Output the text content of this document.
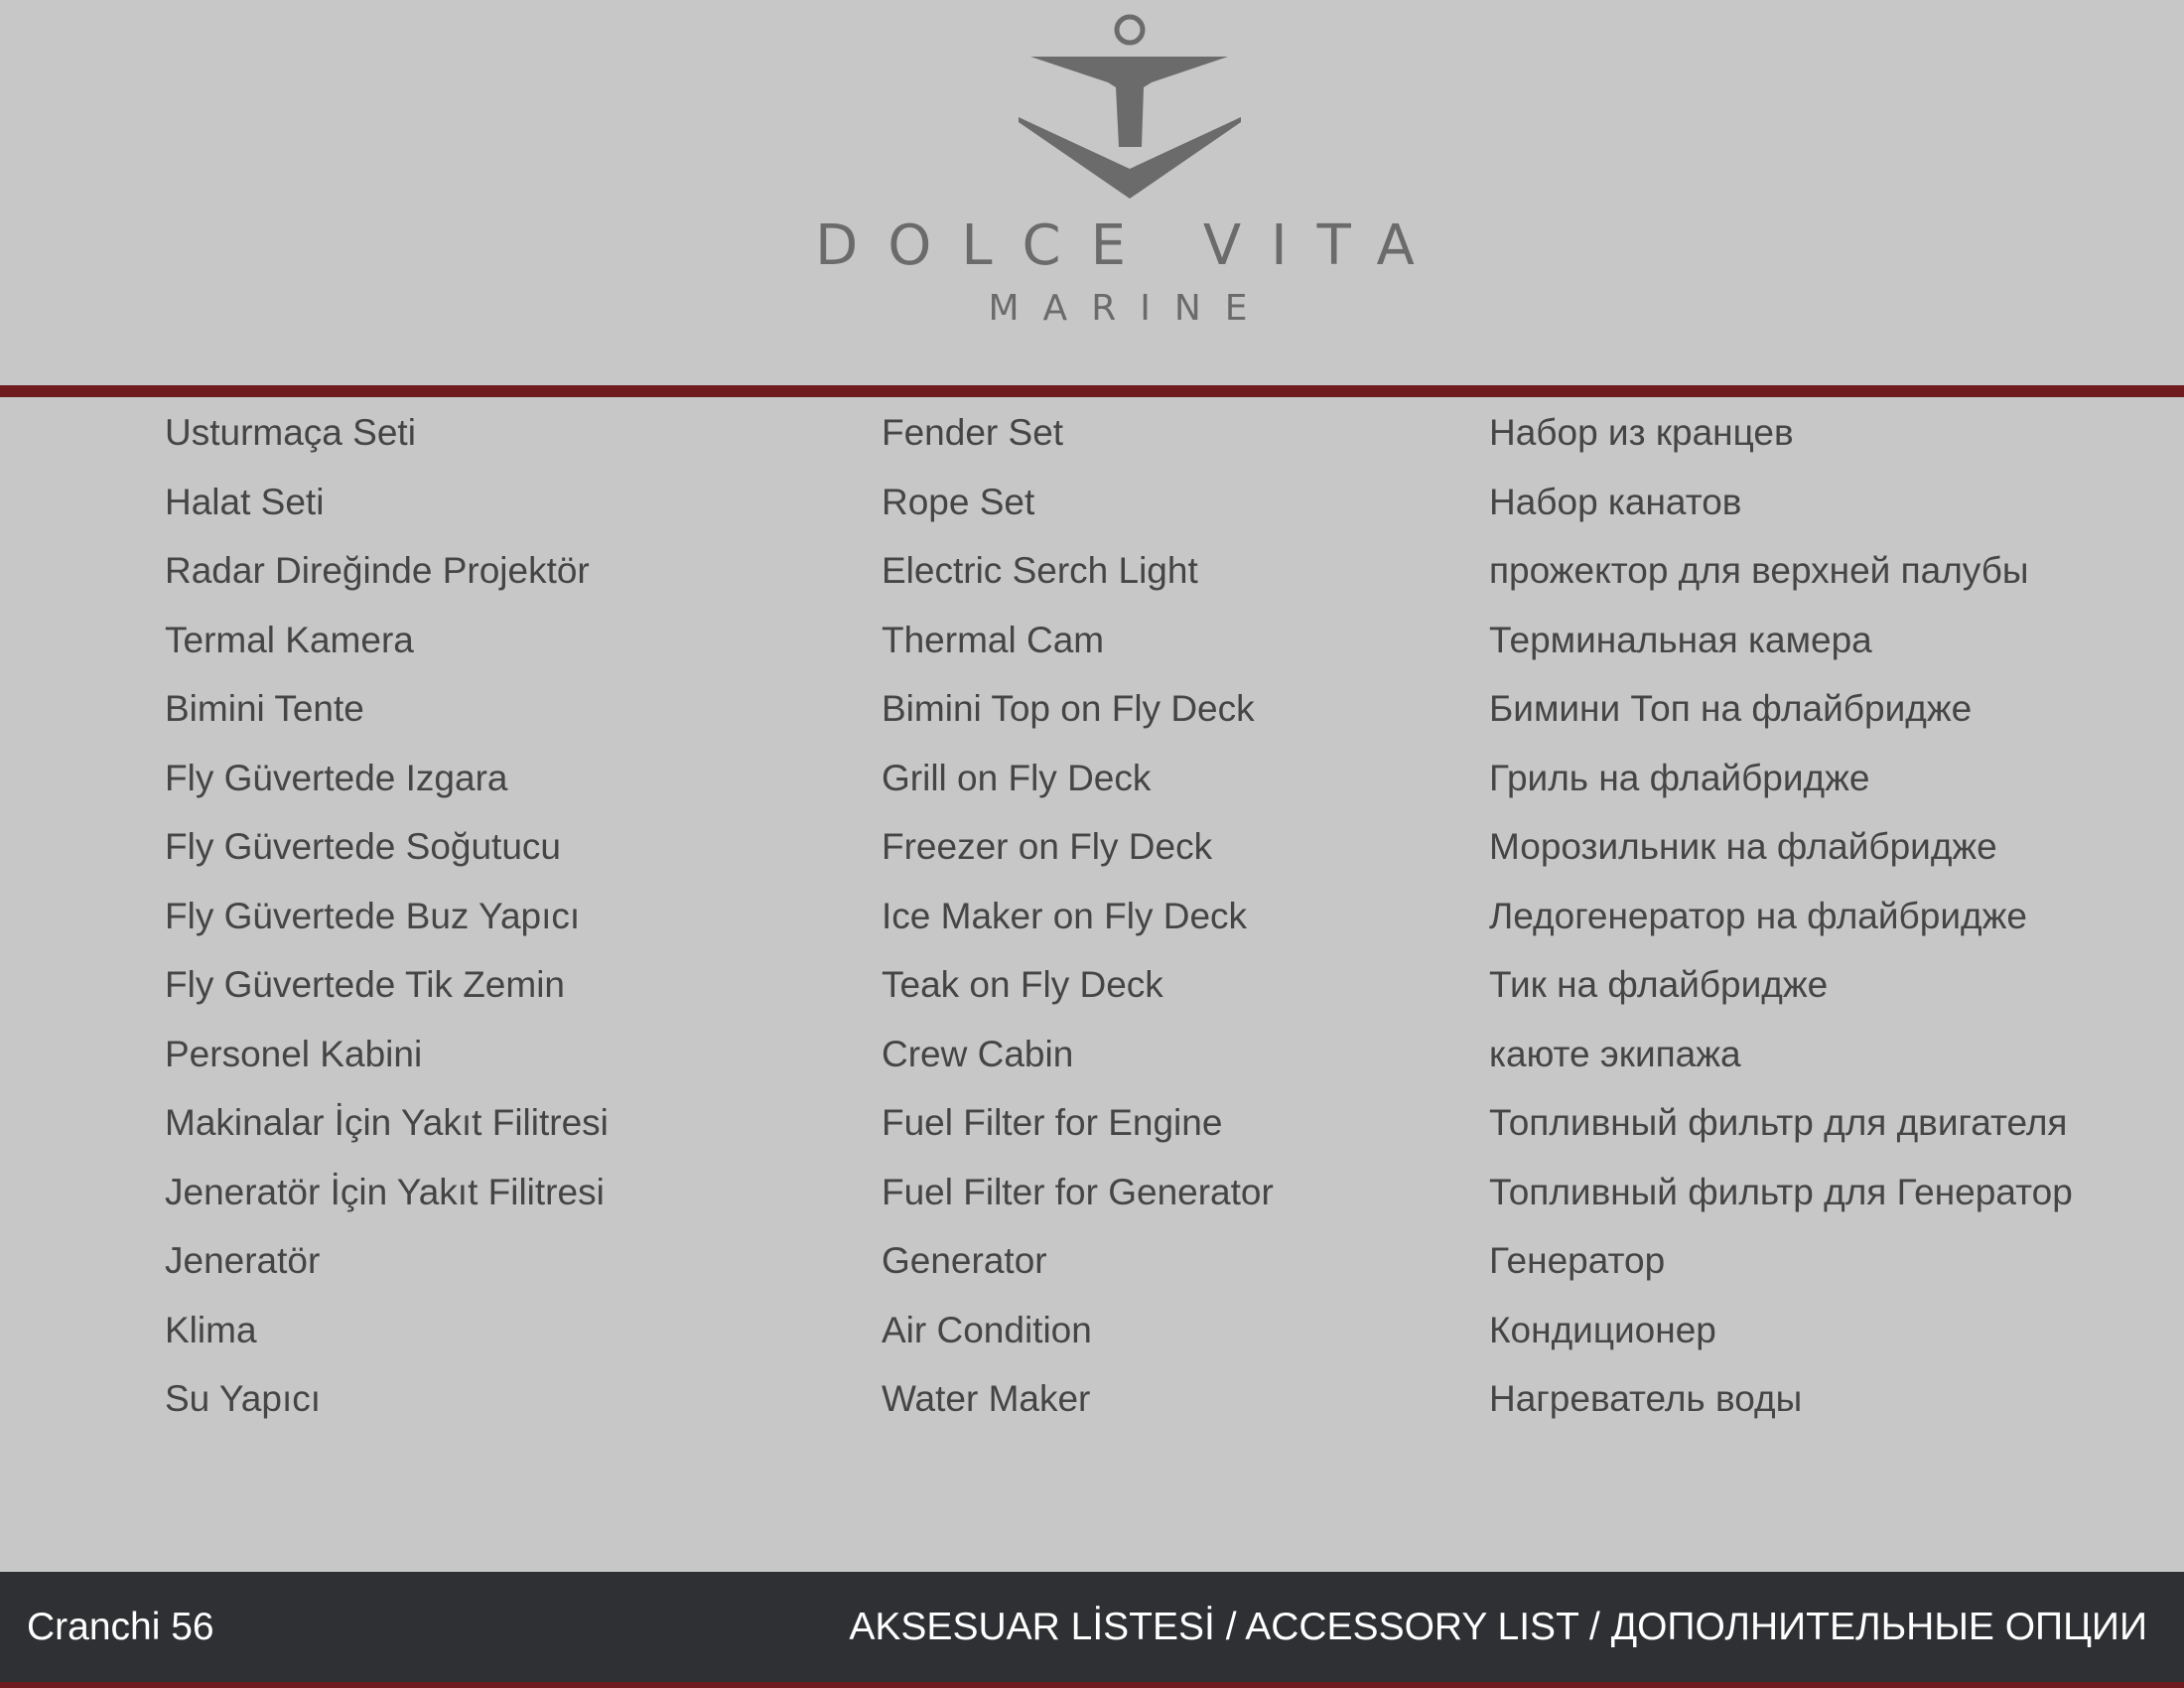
DOLCE VITA
MARINE
Usturmaça Seti
Halat Seti
Radar Direğinde Projektör
Termal Kamera
Bimini Tente
Fly Güvertede Izgara
Fly Güvertede Soğutucu
Fly Güvertede Buz Yapıcı
Fly Güvertede Tik Zemin
Personel Kabini
Makinalar İçin Yakıt Filitresi
Jeneratör İçin Yakıt Filitresi
Jeneratör
Klima
Su Yapıcı
Fender Set
Rope Set
Electric Serch Light
Thermal Cam
Bimini Top on Fly Deck
Grill on Fly Deck
Freezer on Fly Deck
Ice Maker on Fly Deck
Teak on Fly Deck
Crew Cabin
Fuel Filter for Engine
Fuel Filter for Generator
Generator
Air Condition
Water Maker
Набор из кранцев
Набор канатов
прожектор для верхней палубы
Терминальная камера
Бимини Топ на флайбридже
Гриль на флайбридже
Морозильник на флайбридже
Ледогенератор на флайбридже
Тик на флайбридже
каюте экипажа
Топливный фильтр для двигателя
Топливный фильтр для Генератор
Генератор
Кондиционер
Нагреватель воды
Cranchi 56	AKSESUAR LİSTESİ / ACCESSORY LIST / ДОПОЛНИТЕЛЬНЫЕ ОПЦИИ
